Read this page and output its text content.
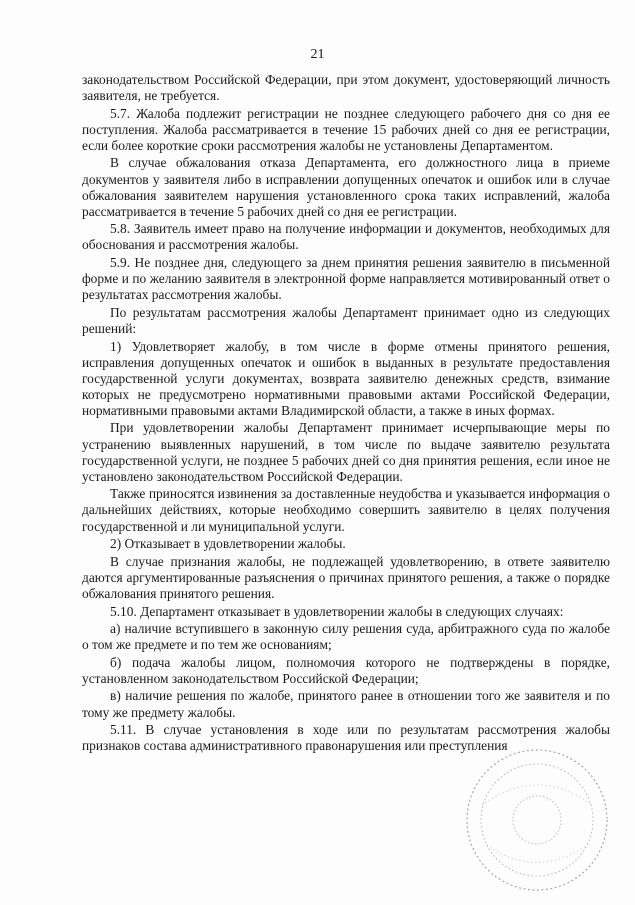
21

законодательством Российской Федерации, при этом документ, удостоверяющий личность заявителя, не требуется.

5.7. Жалоба подлежит регистрации не позднее следующего рабочего дня со дня ее поступления. Жалоба рассматривается в течение 15 рабочих дней со дня ее регистрации, если более короткие сроки рассмотрения жалобы не установлены Департаментом.

В случае обжалования отказа Департамента, его должностного лица в приеме документов у заявителя либо в исправлении допущенных опечаток и ошибок или в случае обжалования заявителем нарушения установленного срока таких исправлений, жалоба рассматривается в течение 5 рабочих дней со дня ее регистрации.

5.8. Заявитель имеет право на получение информации и документов, необходимых для обоснования и рассмотрения жалобы.

5.9. Не позднее дня, следующего за днем принятия решения заявителю в письменной форме и по желанию заявителя в электронной форме направляется мотивированный ответ о результатах рассмотрения жалобы.

По результатам рассмотрения жалобы Департамент принимает одно из следующих решений:

1) Удовлетворяет жалобу, в том числе в форме отмены принятого решения, исправления допущенных опечаток и ошибок в выданных в результате предоставления государственной услуги документах, возврата заявителю денежных средств, взимание которых не предусмотрено нормативными правовыми актами Российской Федерации, нормативными правовыми актами Владимирской области, а также в иных формах.

При удовлетворении жалобы Департамент принимает исчерпывающие меры по устранению выявленных нарушений, в том числе по выдаче заявителю результата государственной услуги, не позднее 5 рабочих дней со дня принятия решения, если иное не установлено законодательством Российской Федерации.

Также приносятся извинения за доставленные неудобства и указывается информация о дальнейших действиях, которые необходимо совершить заявителю в целях получения государственной и ли муниципальной услуги.

2) Отказывает в удовлетворении жалобы.

В случае признания жалобы, не подлежащей удовлетворению, в ответе заявителю даются аргументированные разъяснения о причинах принятого решения, а также о порядке обжалования принятого решения.

5.10. Департамент отказывает в удовлетворении жалобы в следующих случаях:

а) наличие вступившего в законную силу решения суда, арбитражного суда по жалобе о том же предмете и по тем же основаниям;

б) подача жалобы лицом, полномочия которого не подтверждены в порядке, установленном законодательством Российской Федерации;

в) наличие решения по жалобе, принятого ранее в отношении того же заявителя и по тому же предмету жалобы.

5.11. В случае установления в ходе или по результатам рассмотрения жалобы признаков состава административного правонарушения или преступления
